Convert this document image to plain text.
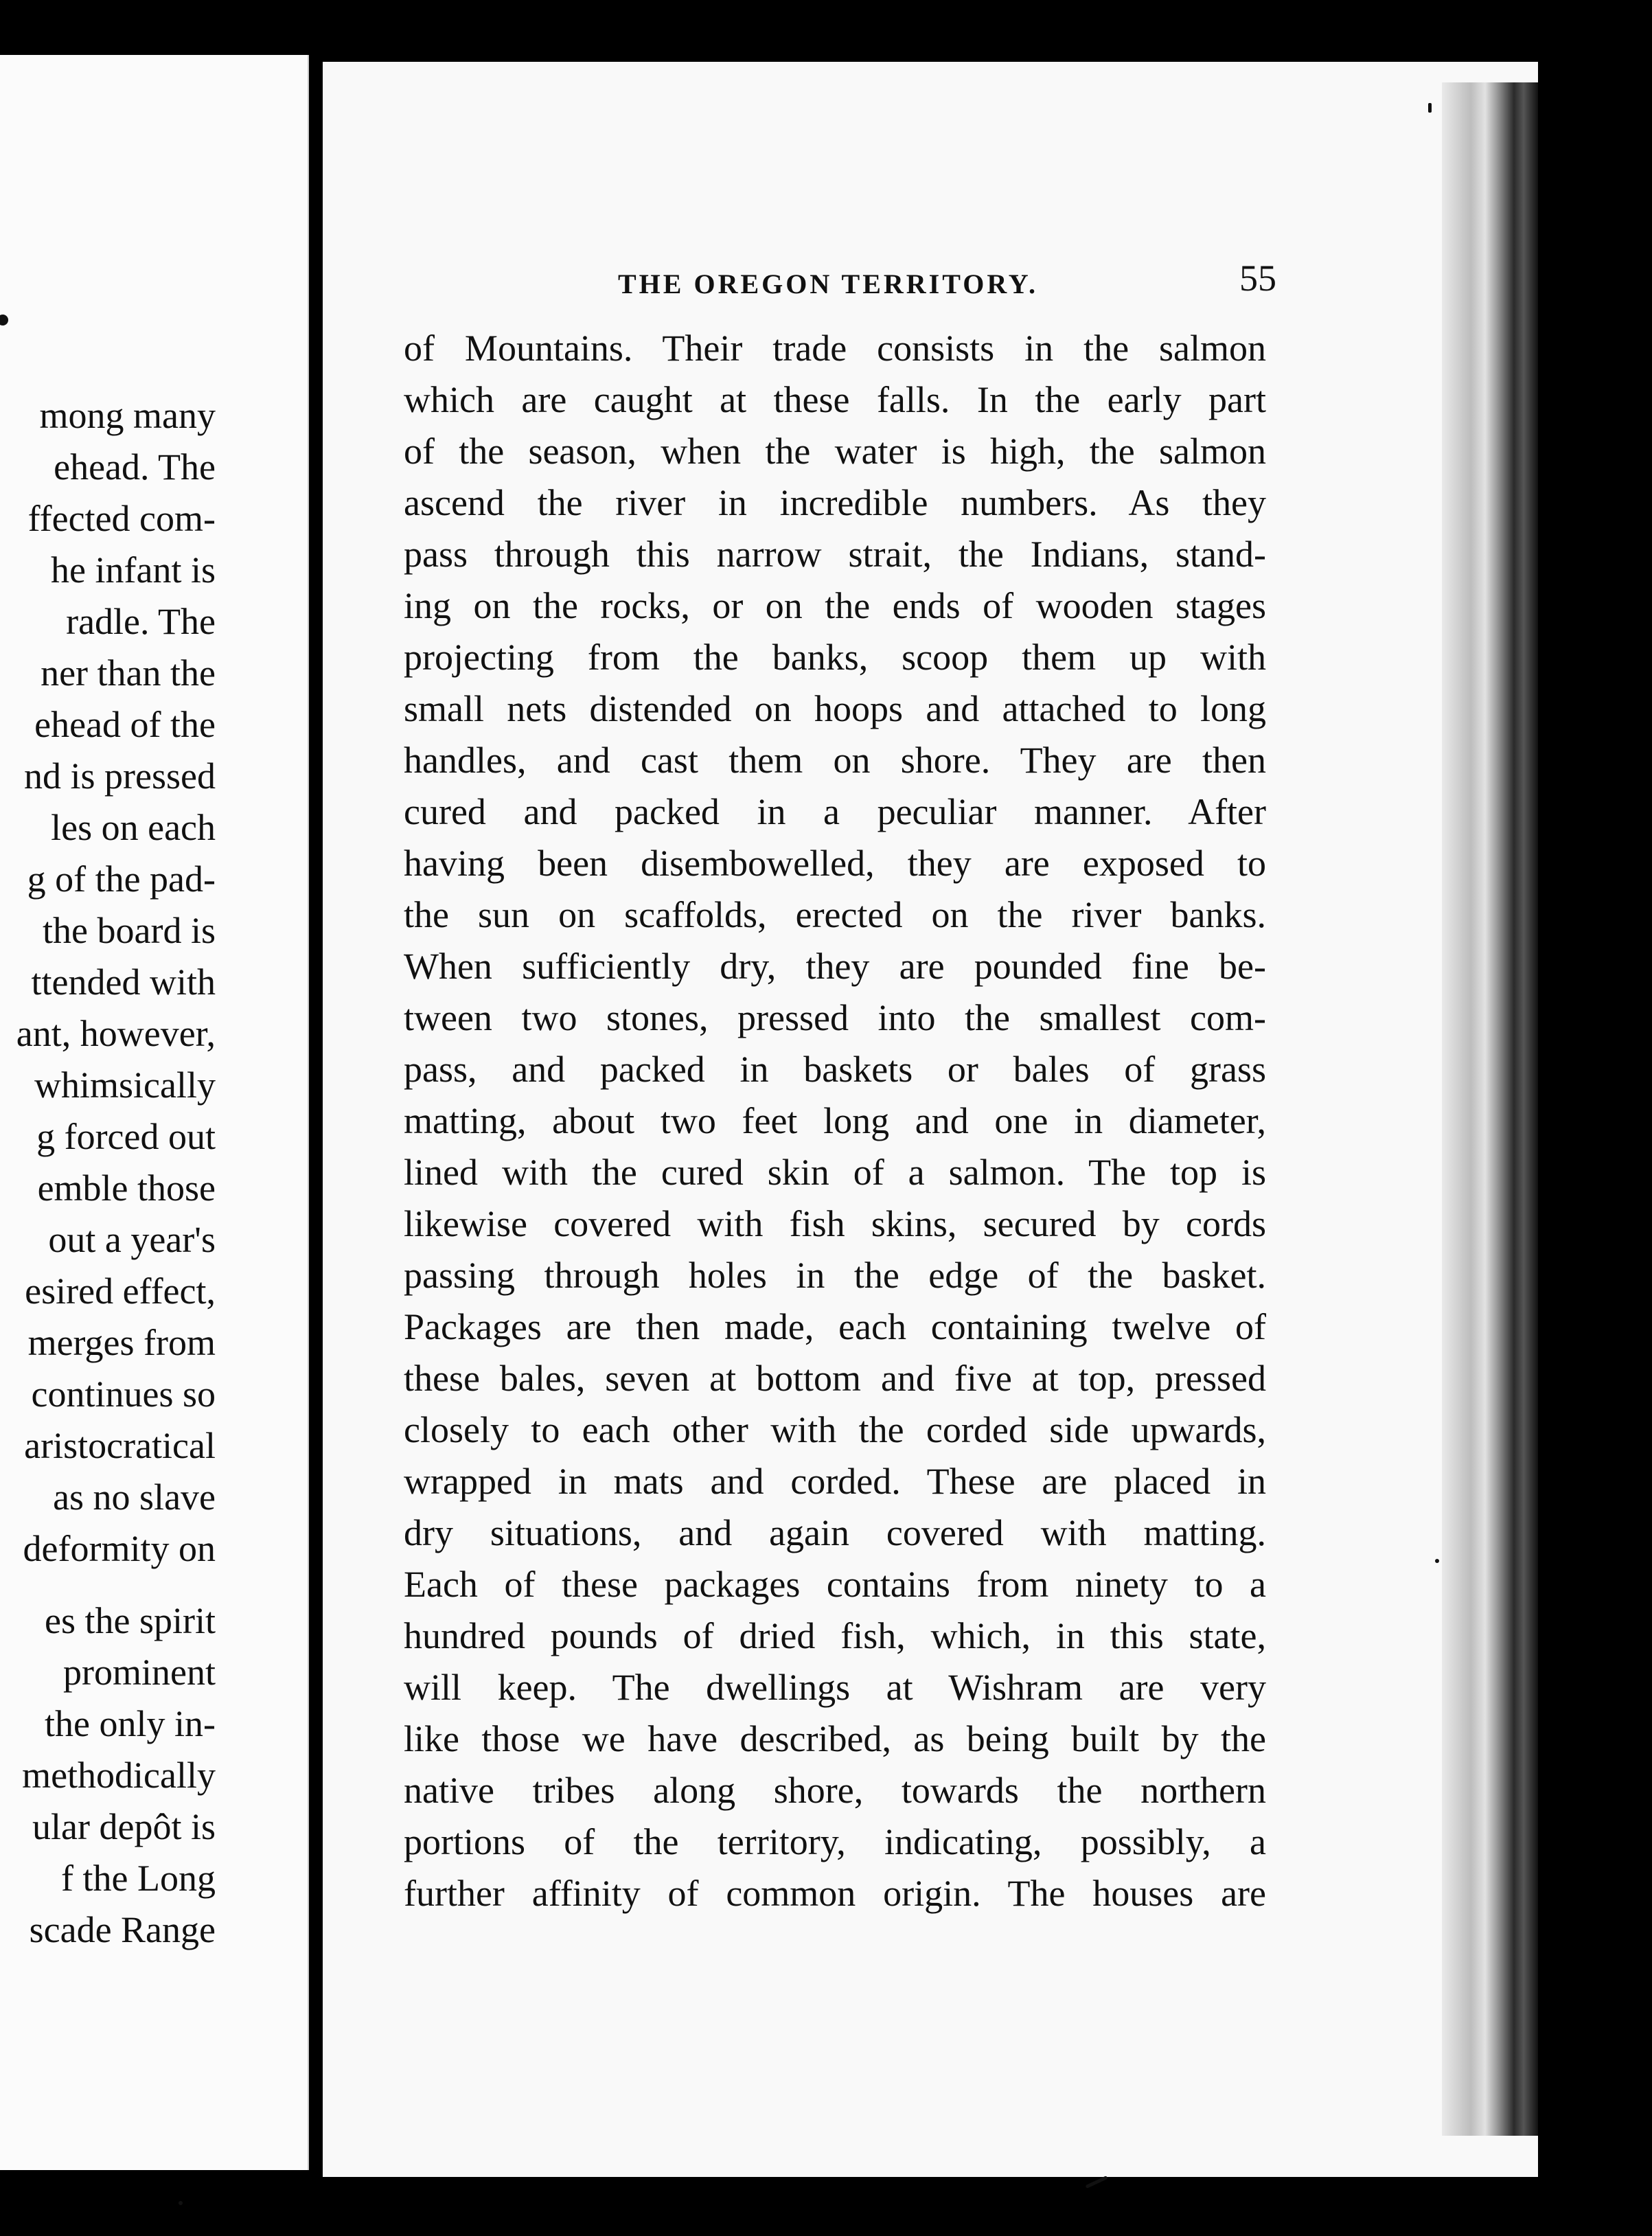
mong many
ehead. The
ffected com-
he infant is
radle. The
ner than the
ehead of the
nd is pressed
les on each
g of the pad-
the board is
ttended with
ant, however,
whimsically
g forced out
emble those
out a year's
esired effect,
merges from
continues so
aristocratical
as no slave
deformity on
es the spirit
prominent
the only in-
methodically
ular depôt is
f the Long
scade Range
THE OREGON TERRITORY.	55
of Mountains. Their trade consists in the salmon
which are caught at these falls. In the early part
of the season, when the water is high, the salmon
ascend the river in incredible numbers. As they
pass through this narrow strait, the Indians, stand-
ing on the rocks, or on the ends of wooden stages
projecting from the banks, scoop them up with
small nets distended on hoops and attached to long
handles, and cast them on shore. They are then
cured and packed in a peculiar manner. After
having been disembowelled, they are exposed to
the sun on scaffolds, erected on the river banks.
When sufficiently dry, they are pounded fine be-
tween two stones, pressed into the smallest com-
pass, and packed in baskets or bales of grass
matting, about two feet long and one in diameter,
lined with the cured skin of a salmon. The top is
likewise covered with fish skins, secured by cords
passing through holes in the edge of the basket.
Packages are then made, each containing twelve of
these bales, seven at bottom and five at top, pressed
closely to each other with the corded side upwards,
wrapped in mats and corded. These are placed in
dry situations, and again covered with matting.
Each of these packages contains from ninety to a
hundred pounds of dried fish, which, in this state,
will keep. The dwellings at Wishram are very
like those we have described, as being built by the
native tribes along shore, towards the northern
portions of the territory, indicating, possibly, a
further affinity of common origin. The houses are
